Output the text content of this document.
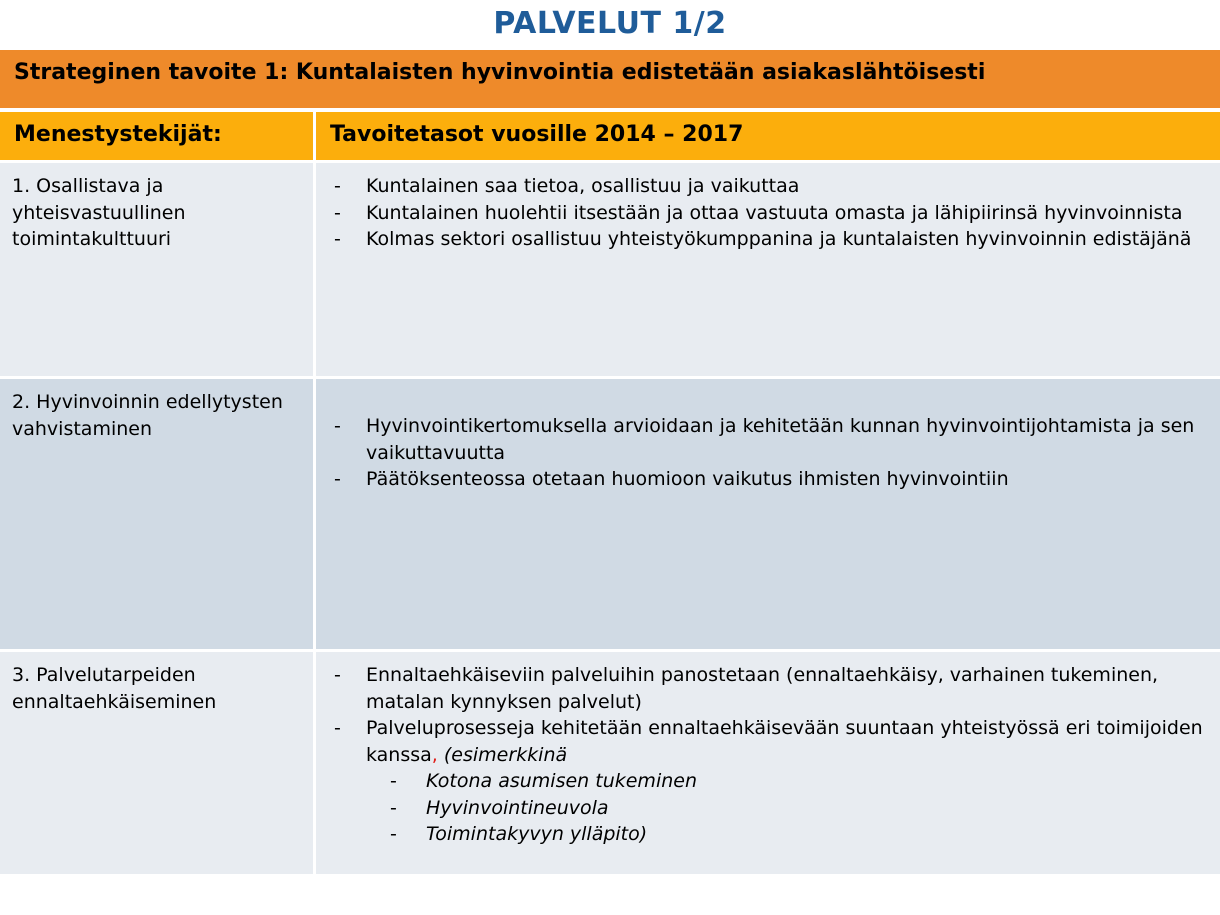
PALVELUT 1/2
Strateginen tavoite 1: Kuntalaisten hyvinvointia edistetään asiakaslähtöisesti
Menestystekijät:	Tavoitetasot vuosille 2014 – 2017
1. Osallistava ja yhteisvastuullinen toimintakulttuuri
- Kuntalainen saa tietoa, osallistuu ja vaikuttaa
- Kuntalainen huolehtii itsestään ja ottaa vastuuta omasta ja lähipiirinsä hyvinvoinnista
- Kolmas sektori osallistuu yhteistyökumppanina ja kuntalaisten hyvinvoinnin edistäjänä
2. Hyvinvoinnin edellytysten vahvistaminen	- Hyvinvointikertomuksella arvioidaan ja kehitetään kunnan hyvinvointijohtamista ja sen vaikuttavuutta
- Päätöksenteossa otetaan huomioon vaikutus ihmisten hyvinvointiin
3. Palvelutarpeiden ennaltaehkäiseminen
- Ennaltaehkäiseviin palveluihin panostetaan (ennaltaehkäisy, varhainen tukeminen, matalan kynnyksen palvelut)
- Palveluprosesseja kehitetään ennaltaehkäisevään suuntaan yhteistyössä eri toimijoiden kanssa, (esimerkkinä
- Kotona asumisen tukeminen
- Hyvinvointineuvola
- Toimintakyvyn ylläpito)
